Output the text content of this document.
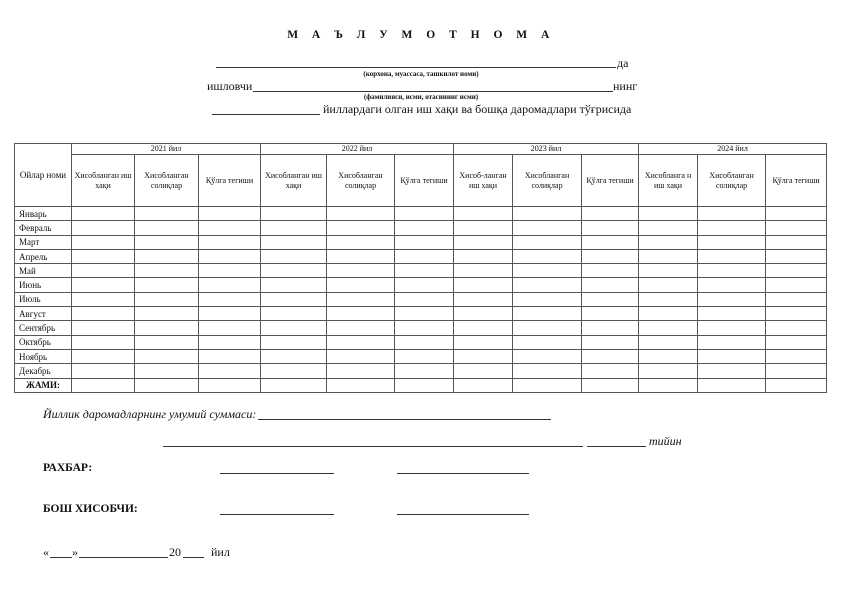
М А Ъ Л У М О Т Н О М А
да
(корхона, муассаса, ташкилот номи)
ишловчи	нинг
(фамилияси, исми, отасининг исми)
йиллардаги олган иш хақи ва бошқа даромадлари тўғрисида
Ойлар номи	2021 йил			2022 йил			2023 йил			2024 йил		
	Хисобланган иш хақи	Хисобланган солиқлар	Қўлга тегиши	Хисобланган иш хақи	Хисобланган солиқлар	Қўлга тегиши	Хисоб-ланган иш хақи	Хисобланган солиқлар	Қўлга тегиши	Хисобланга н иш хақи	Хисобланган солиқлар	Қўлга тегиши
Январь												
Февраль												
Март												
Апрель												
Май												
Июнь												
Июль												
Август												
Сентябрь												
Октябрь												
Ноябрь												
Декабрь												
ЖАМИ:												
Йиллик даромадларнинг умумий суммаси:
тийин
РАХБАР:
БОШ ХИСОБЧИ:
« »	20	йил
